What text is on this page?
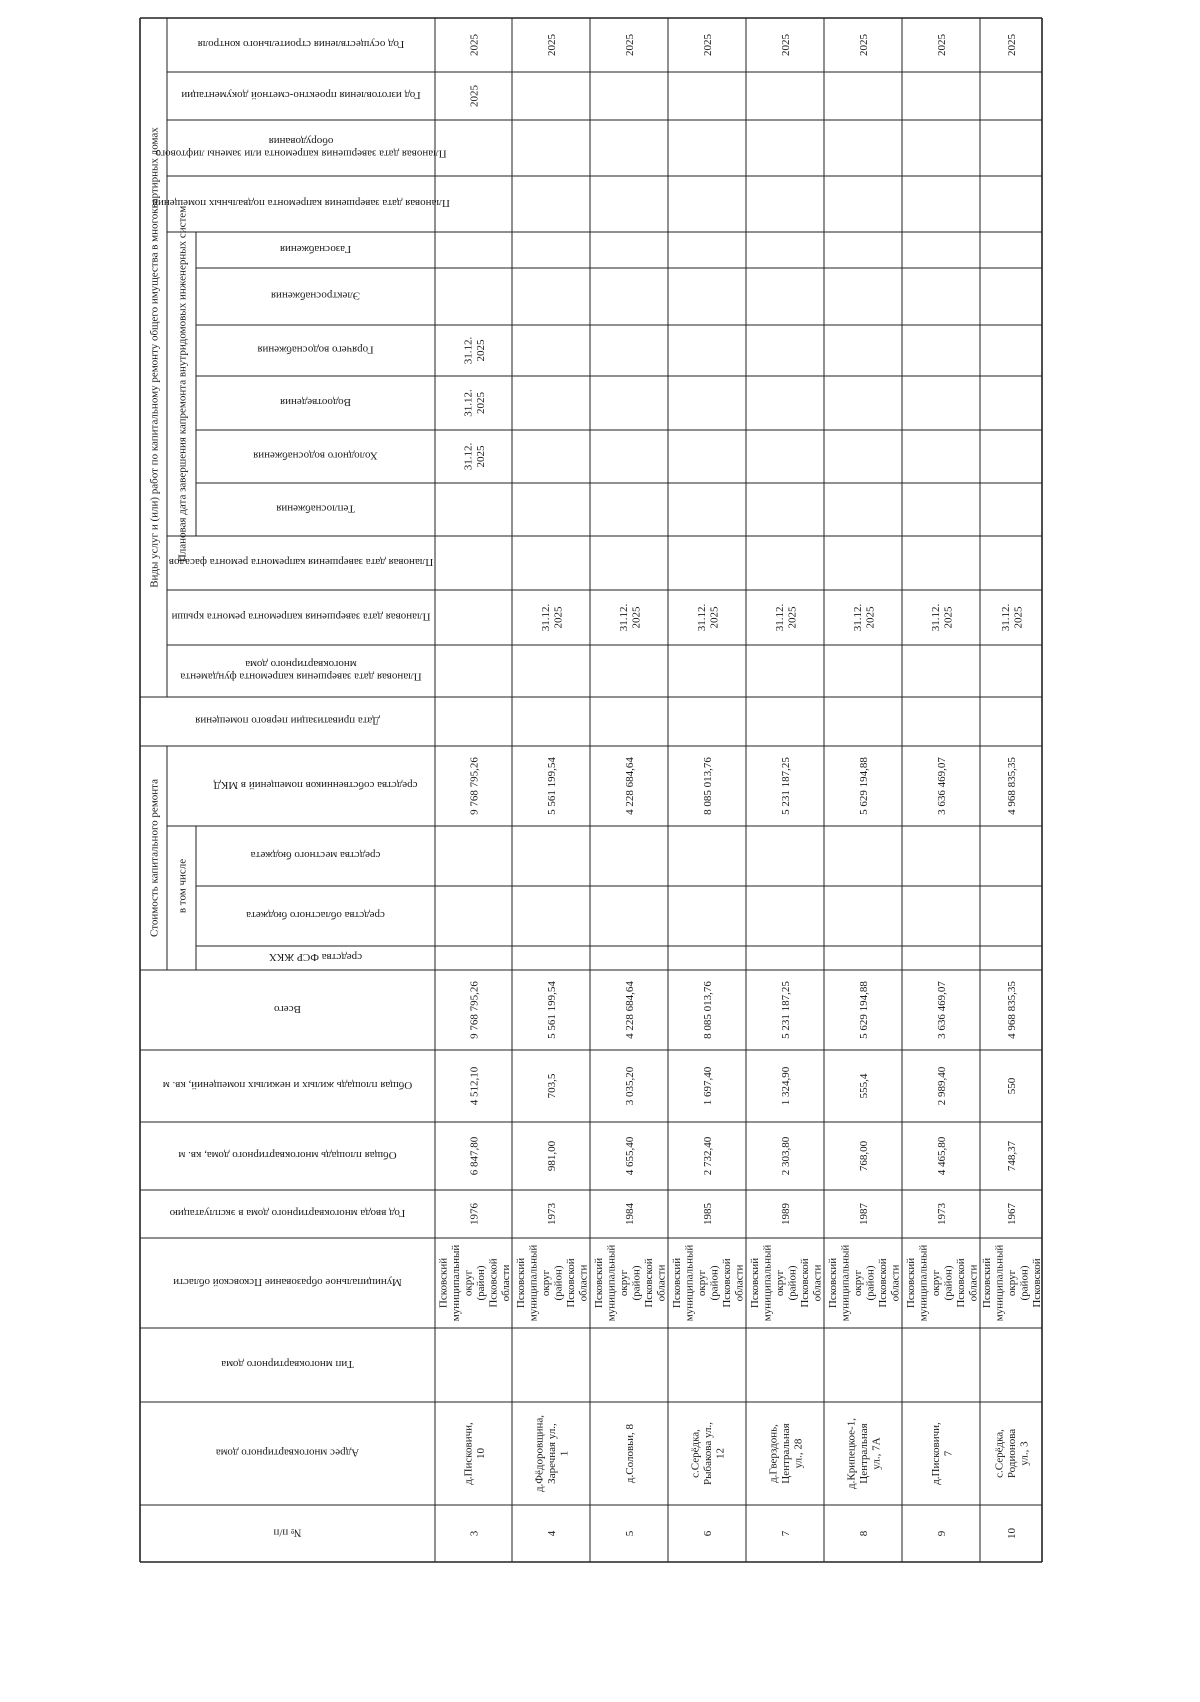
Год осуществления строительного контроля
Год изготовления проектно-сметной документации
Плановая дата завершения капремонта или замены лифтовогооборудования
Плановая дата завершения капремонта подвальных помещений
Газоснабжения
Электроснабжения
Горячего водоснабжения
Водоотведения
Холодного водоснабжения
Теплоснабжения
Плановая дата завершения капремонта ремонта фасадов
Плановая дата завершения капремонта ремонта крыши
Плановая дата завершения капремонта фундаментамногоквартирного дома
Дата приватизации первого помещения
средства собственников помещений в МКД
средства местного бюджета
средства областного бюджета
средства ФСР ЖКХ
Всего
Общая площадь жилых и нежилых помещений, кв. м
Общая площадь многоквартирного дома, кв. м
Год ввода многоквартирного дома в эксплуатацию
Муниципальное образование Псковской области
Тип многоквартирного дома
Адрес многоквартирного дома
№ п/п
Виды услуг и (или) работ по капитальному ремонту общего имущества в многоквартирных домах Плановая дата завершения капремонта внутридомовых инженерных систем
Стоимость капитального ремонта в том числе
2025
2025
31.12.2025
31.12.2025
31.12.2025
9 768 795,26
9 768 795,26
4 512,10
6 847,80
1976
Псковскиймуниципальныйокруг(район)Псковскойобласти
д.Писковичи,10
3
2025
31.12.2025
5 561 199,54
5 561 199,54
703,5
981,00
1973
Псковскиймуниципальныйокруг(район)Псковскойобласти
д.Фёдоровщина,Заречная ул.,1
4
2025
31.12.2025
4 228 684,64
4 228 684,64
3 035,20
4 655,40
1984
Псковскиймуниципальныйокруг(район)Псковскойобласти
д.Соловьи, 8
5
2025
31.12.2025
8 085 013,76
8 085 013,76
1 697,40
2 732,40
1985
Псковскиймуниципальныйокруг(район)Псковскойобласти
с.Серёдка,Рыбакова ул.,12
6
2025
31.12.2025
5 231 187,25
5 231 187,25
1 324,90
2 303,80
1989
Псковскиймуниципальныйокруг(район)Псковскойобласти
д.Гверздонь,Центральнаяул., 28
7
2025
31.12.2025
5 629 194,88
5 629 194,88
555,4
768,00
1987
Псковскиймуниципальныйокруг(район)Псковскойобласти
д.Крипецкое-1,Центральнаяул., 7А
8
2025
31.12.2025
3 636 469,07
3 636 469,07
2 989,40
4 465,80
1973
Псковскиймуниципальныйокруг(район)Псковскойобласти
д.Писковичи,7
9
2025
31.12.2025
4 968 835,35
4 968 835,35
550
748,37
1967
Псковскиймуниципальныйокруг(район)Псковской
с.Серёдка,Родионоваул., 3
10
